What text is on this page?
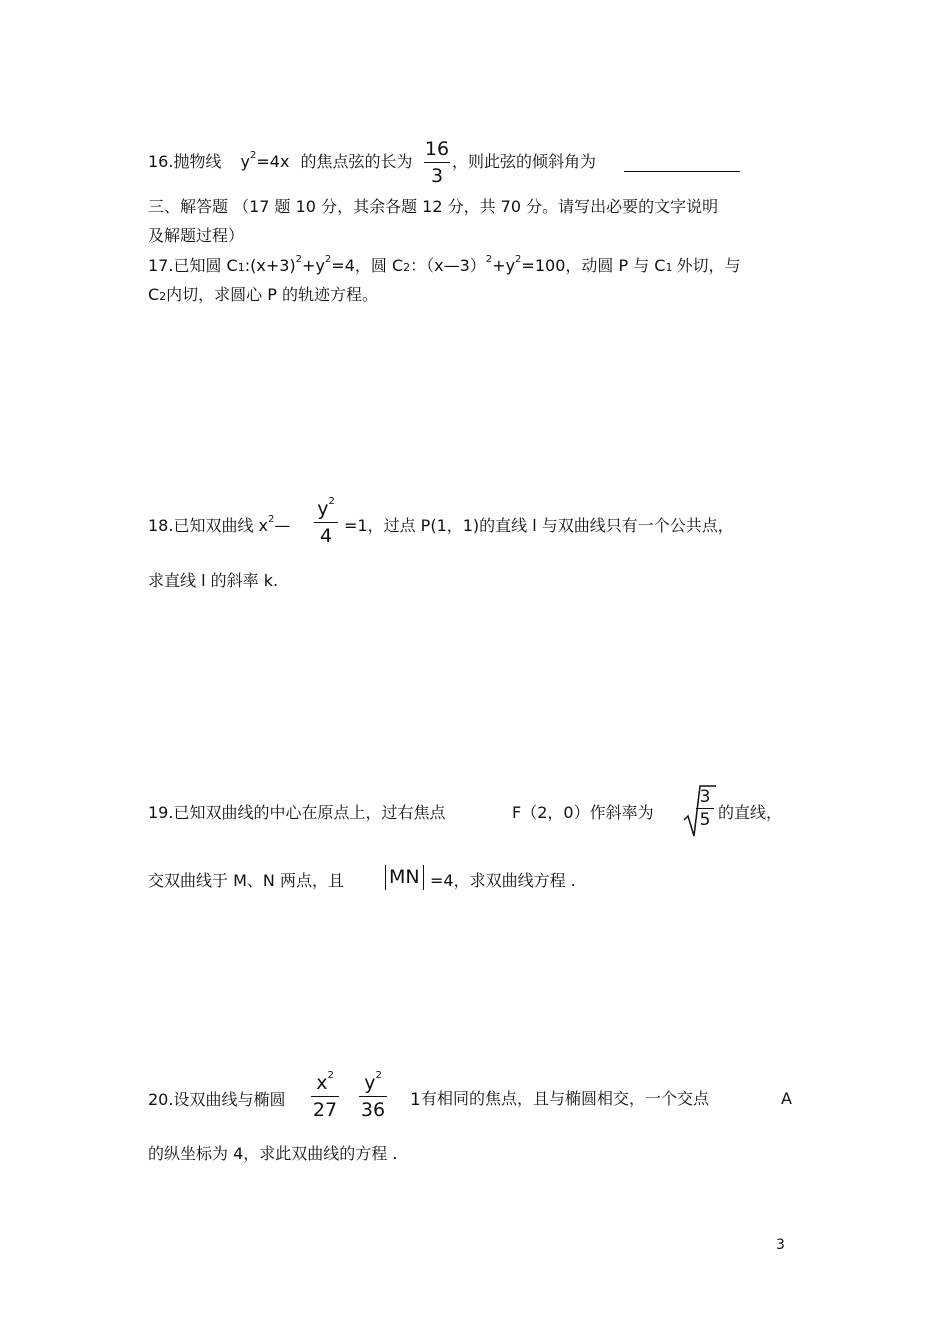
16.抛物线 $y^2=4x$ 的焦点弦的长为
16
3
，则此弦的倾斜角为
三、解答题 （17 题 10 分，其余各题 12 分，共 70 分。请写出必要的文字说明
及解题过程）
17.已知圆 $C1:(x+3)^2+y^2=4$，圆 C2：$(x—3)^2+y^2=100$，动圆 P 与 C1 外切，与
C2内切，求圆心 P 的轨迹方程。
18.已知双曲线 $x^2—$
$y^2$
4 =1，过点 P(1，1)的直线 l 与双曲线只有一个公共点，
求直线 l 的斜率 k.
19.已知双曲线的中心在原点上，过右焦点	F（2，0）作斜率为
3
5 的直线，
交双曲线于 M、N 两点，且 MN =4，求双曲线方程 .
20.设双曲线与椭圆
$x^2$
27
$y^2$
36 1 有相同的焦点，且与椭圆相交，一个交点	A
的纵坐标为 4，求此双曲线的方程 .
3
